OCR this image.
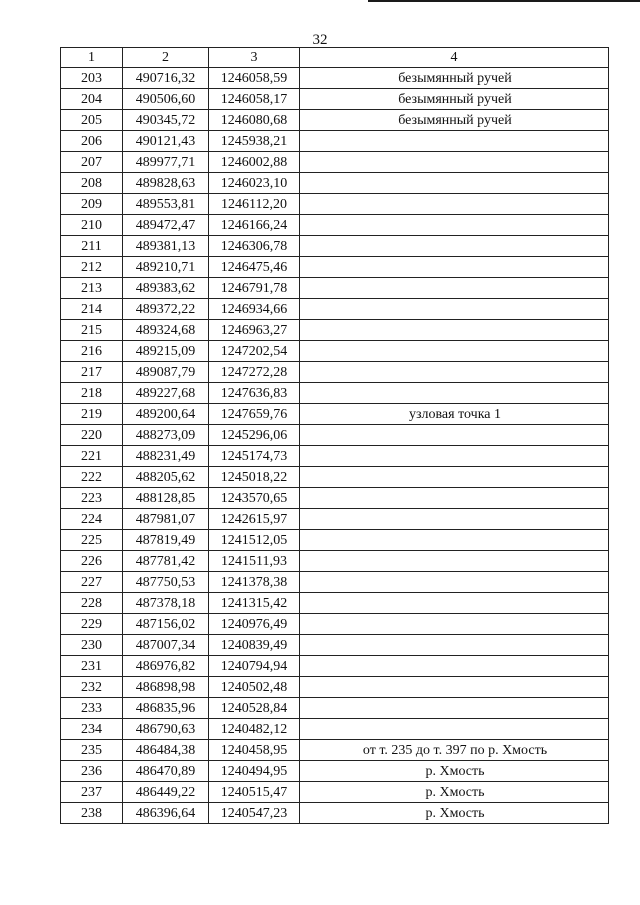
32
1	2	3	4
203	490716,32	1246058,59	безымянный ручей
204	490506,60	1246058,17	безымянный ручей
205	490345,72	1246080,68	безымянный ручей
206	490121,43	1245938,21	
207	489977,71	1246002,88	
208	489828,63	1246023,10	
209	489553,81	1246112,20	
210	489472,47	1246166,24	
211	489381,13	1246306,78	
212	489210,71	1246475,46	
213	489383,62	1246791,78	
214	489372,22	1246934,66	
215	489324,68	1246963,27	
216	489215,09	1247202,54	
217	489087,79	1247272,28	
218	489227,68	1247636,83	
219	489200,64	1247659,76	узловая точка 1
220	488273,09	1245296,06	
221	488231,49	1245174,73	
222	488205,62	1245018,22	
223	488128,85	1243570,65	
224	487981,07	1242615,97	
225	487819,49	1241512,05	
226	487781,42	1241511,93	
227	487750,53	1241378,38	
228	487378,18	1241315,42	
229	487156,02	1240976,49	
230	487007,34	1240839,49	
231	486976,82	1240794,94	
232	486898,98	1240502,48	
233	486835,96	1240528,84	
234	486790,63	1240482,12	
235	486484,38	1240458,95	от т. 235 до т. 397 по р. Хмость
236	486470,89	1240494,95	р. Хмость
237	486449,22	1240515,47	р. Хмость
238	486396,64	1240547,23	р. Хмость
